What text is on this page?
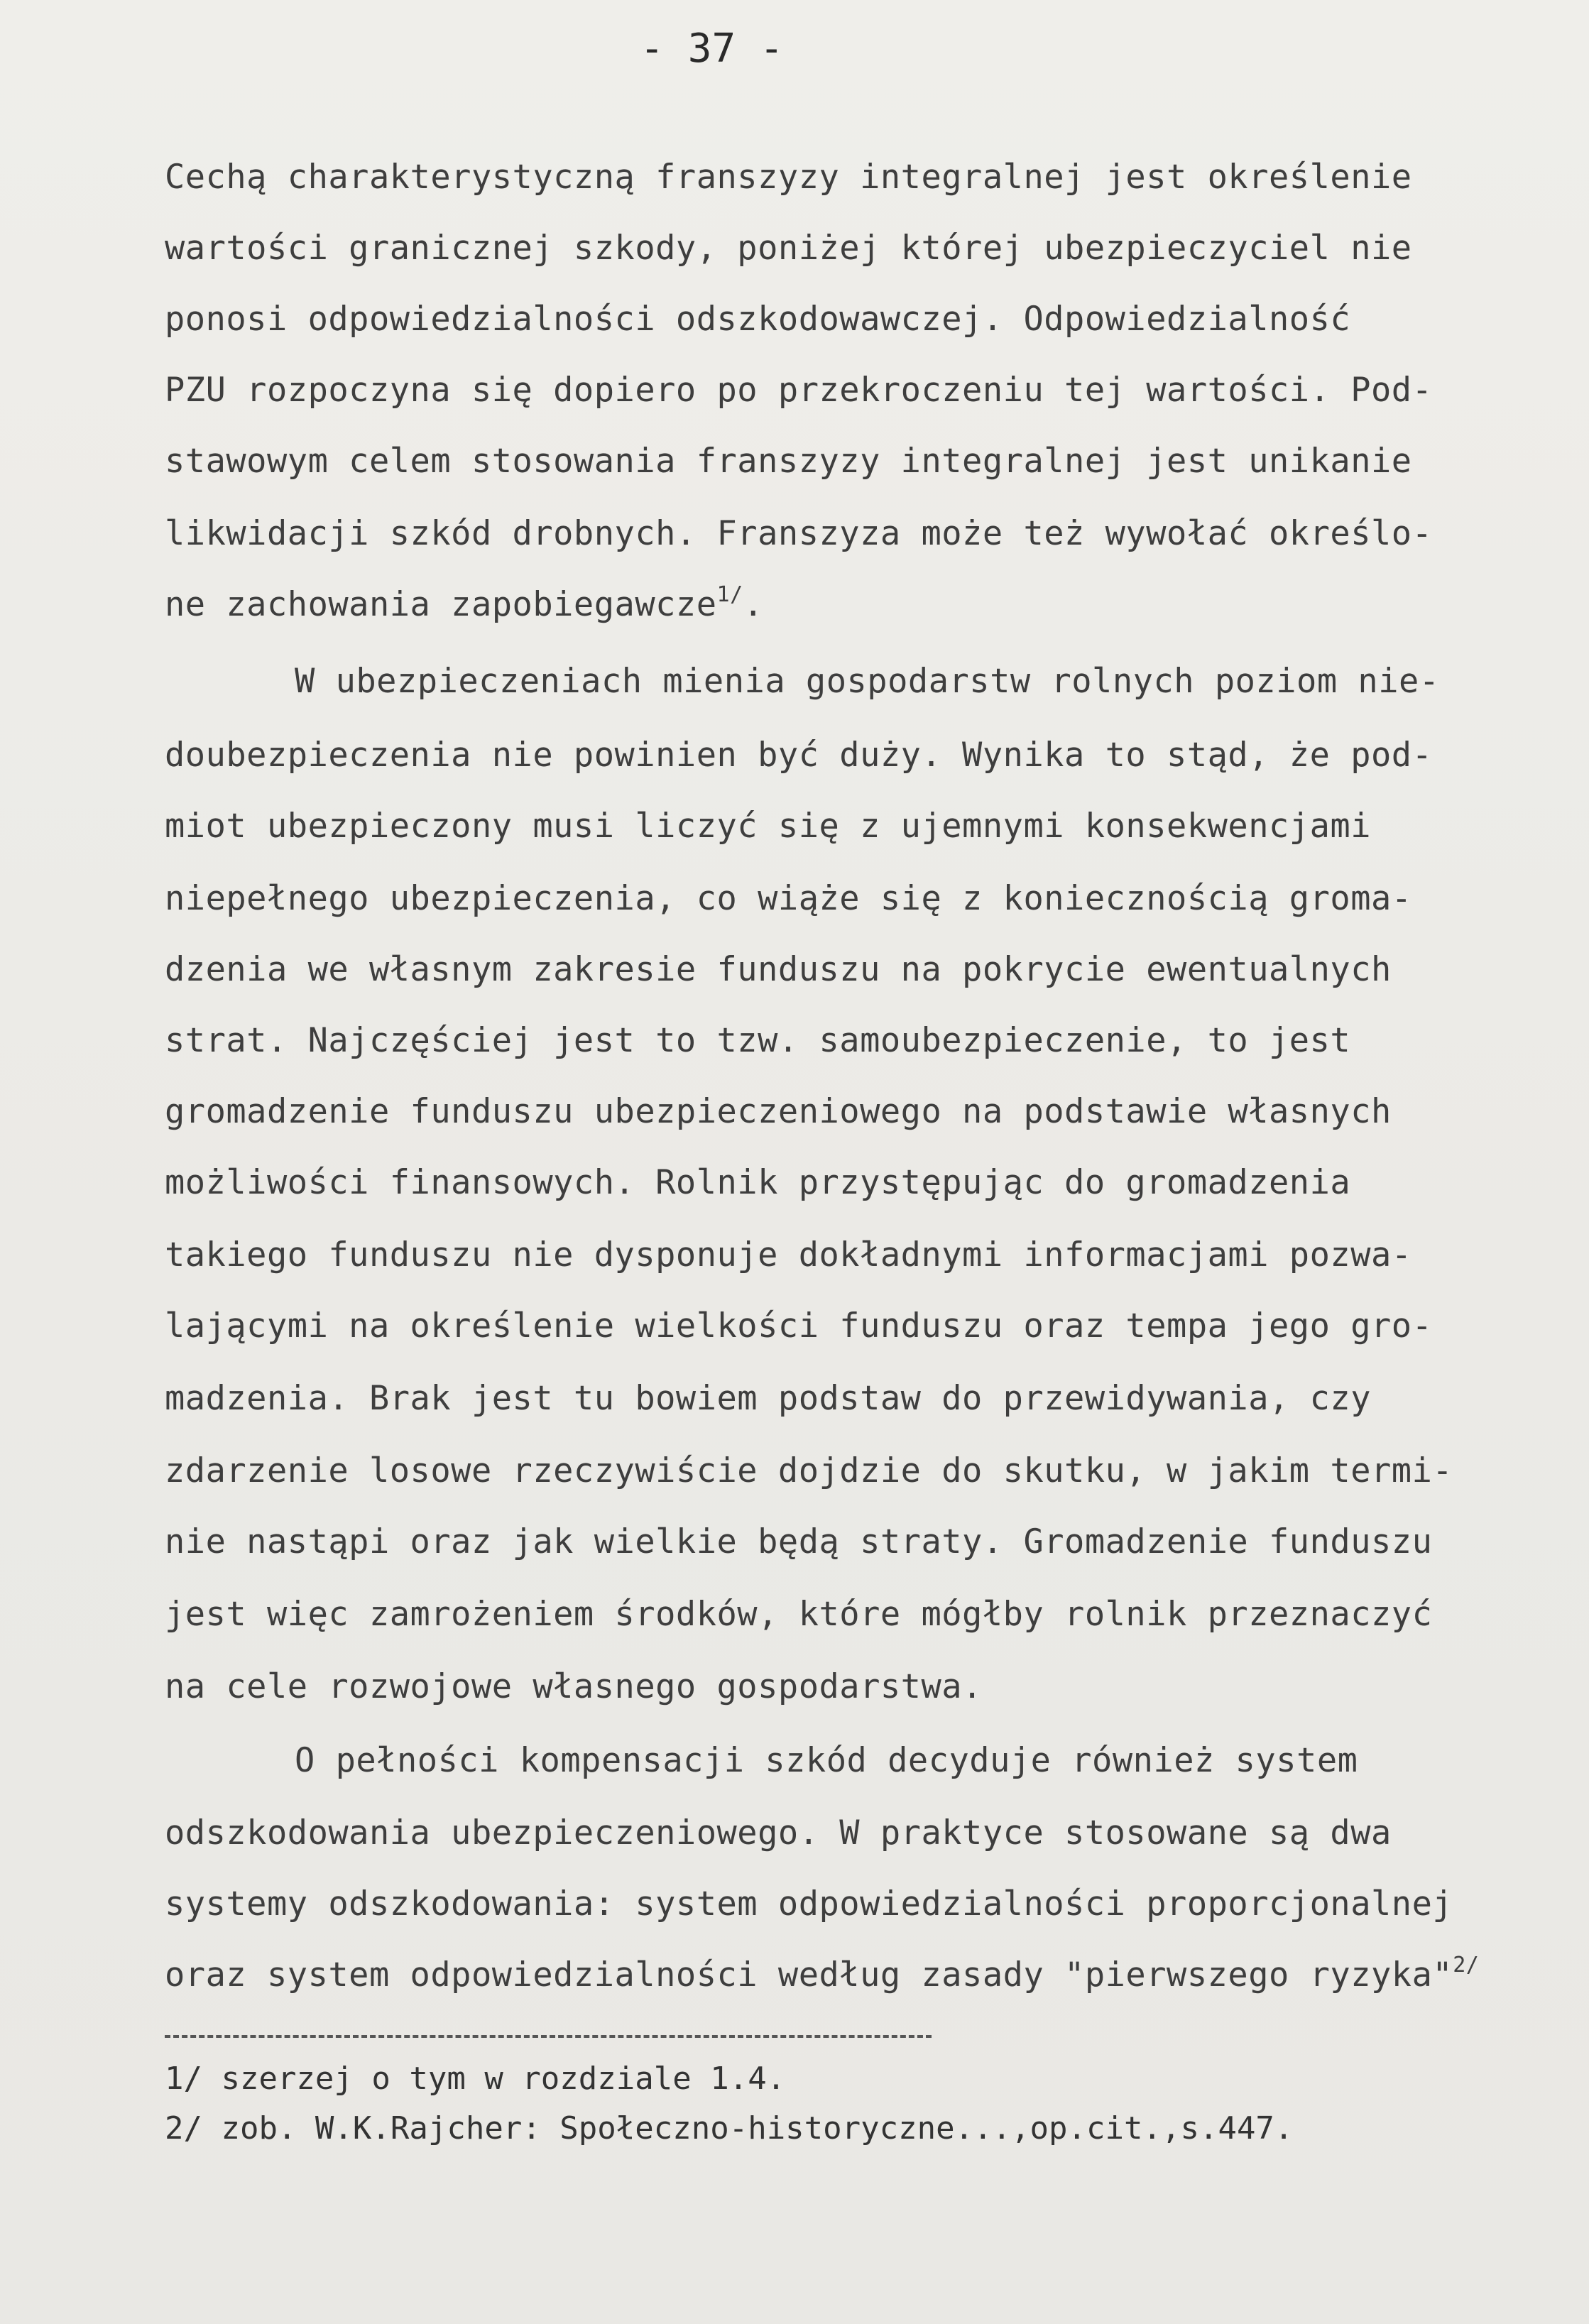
- 37 -
Cechą charakterystyczną franszyzy integralnej jest określenie
wartości granicznej szkody, poniżej której ubezpieczyciel nie
ponosi odpowiedzialności odszkodowawczej. Odpowiedzialność
PZU rozpoczyna się dopiero po przekroczeniu tej wartości. Pod-
stawowym celem stosowania franszyzy integralnej jest unikanie
likwidacji szkód drobnych. Franszyza może też wywołać określo-
ne zachowania zapobiegawcze$^{1/}$.
W ubezpieczeniach mienia gospodarstw rolnych poziom nie-
doubezpieczenia nie powinien być duży. Wynika to stąd, że pod-
miot ubezpieczony musi liczyć się z ujemnymi konsekwencjami
niepełnego ubezpieczenia, co wiąże się z koniecznością groma-
dzenia we własnym zakresie funduszu na pokrycie ewentualnych
strat. Najczęściej jest to tzw. samoubezpieczenie, to jest
gromadzenie funduszu ubezpieczeniowego na podstawie własnych
możliwości finansowych. Rolnik przystępując do gromadzenia
takiego funduszu nie dysponuje dokładnymi informacjami pozwa-
lającymi na określenie wielkości funduszu oraz tempa jego gro-
madzenia. Brak jest tu bowiem podstaw do przewidywania, czy
zdarzenie losowe rzeczywiście dojdzie do skutku, w jakim termi-
nie nastąpi oraz jak wielkie będą straty. Gromadzenie funduszu
jest więc zamrożeniem środków, które mógłby rolnik przeznaczyć
na cele rozwojowe własnego gospodarstwa.
O pełności kompensacji szkód decyduje również system
odszkodowania ubezpieczeniowego. W praktyce stosowane są dwa
systemy odszkodowania: system odpowiedzialności proporcjonalnej
oraz system odpowiedzialności według zasady "pierwszego ryzyka"$^{2/}$
1/ szerzej o tym w rozdziale 1.4.
2/ zob. W.K.Rajcher: Społeczno-historyczne...,op.cit.,s.447.
